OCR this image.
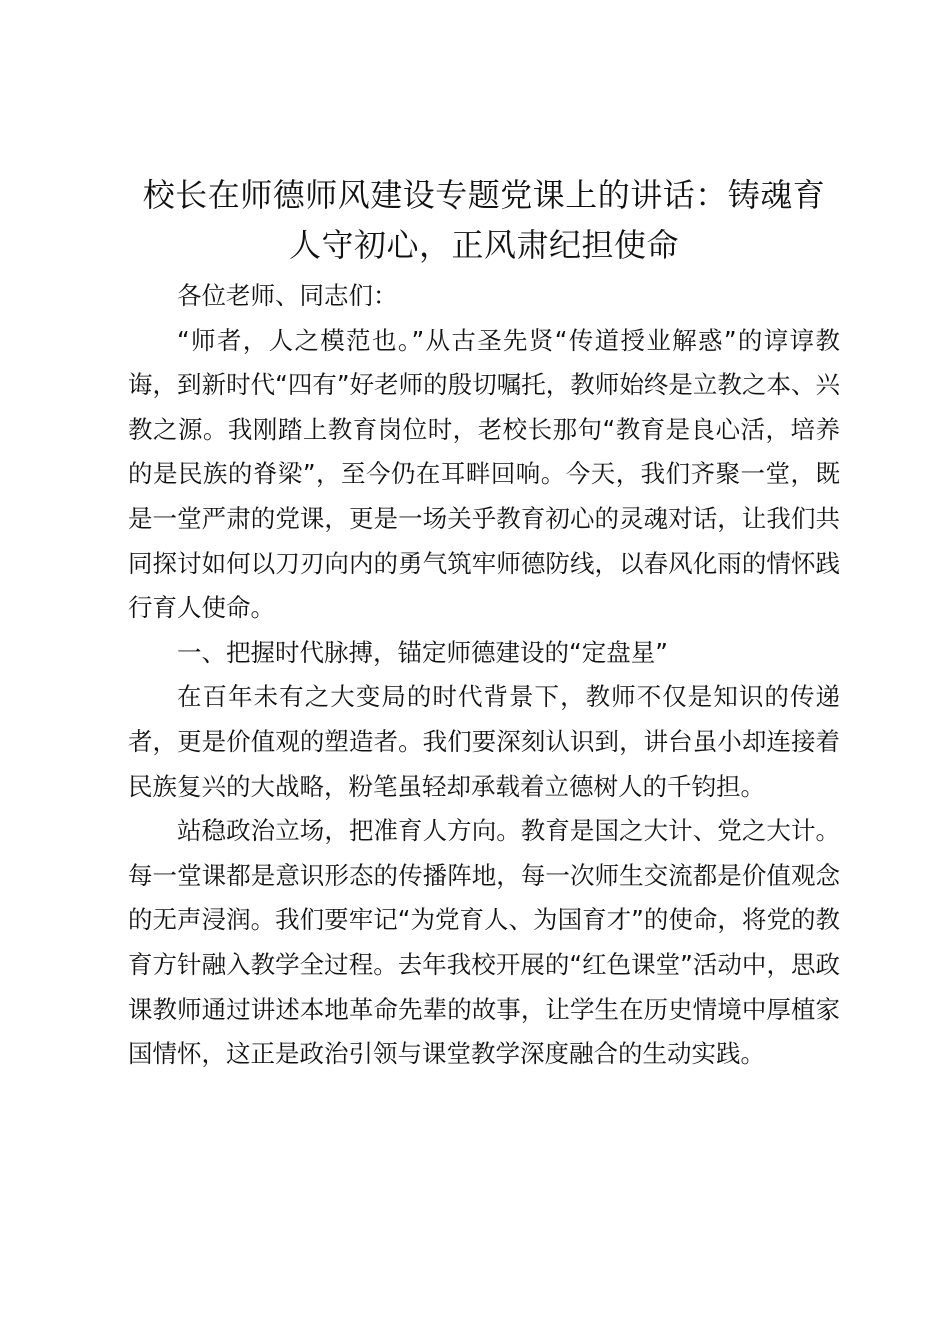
校长在师德师风建设专题党课上的讲话：铸魂育人守初心，正风肃纪担使命

各位老师、同志们：

“师者，人之模范也。”从古圣先贤“传道授业解惑”的谆谆教诲，到新时代“四有”好老师的殷切嘱托，教师始终是立教之本、兴教之源。我刚踏上教育岗位时，老校长那句“教育是良心活，培养的是民族的脊梁”，至今仍在耳畔回响。今天，我们齐聚一堂，既是一堂严肃的党课，更是一场关乎教育初心的灵魂对话，让我们共同探讨如何以刀刃向内的勇气筑牢师德防线，以春风化雨的情怀践行育人使命。

一、把握时代脉搏，锚定师德建设的“定盘星”

在百年未有之大变局的时代背景下，教师不仅是知识的传递者，更是价值观的塑造者。我们要深刻认识到，讲台虽小却连接着民族复兴的大战略，粉笔虽轻却承载着立德树人的千钧担。

站稳政治立场，把准育人方向。教育是国之大计、党之大计。每一堂课都是意识形态的传播阵地，每一次师生交流都是价值观念的无声浸润。我们要牢记“为党育人、为国育才”的使命，将党的教育方针融入教学全过程。去年我校开展的“红色课堂”活动中，思政课教师通过讲述本地革命先辈的故事，让学生在历史情境中厚植家国情怀，这正是政治引领与课堂教学深度融合的生动实践。
